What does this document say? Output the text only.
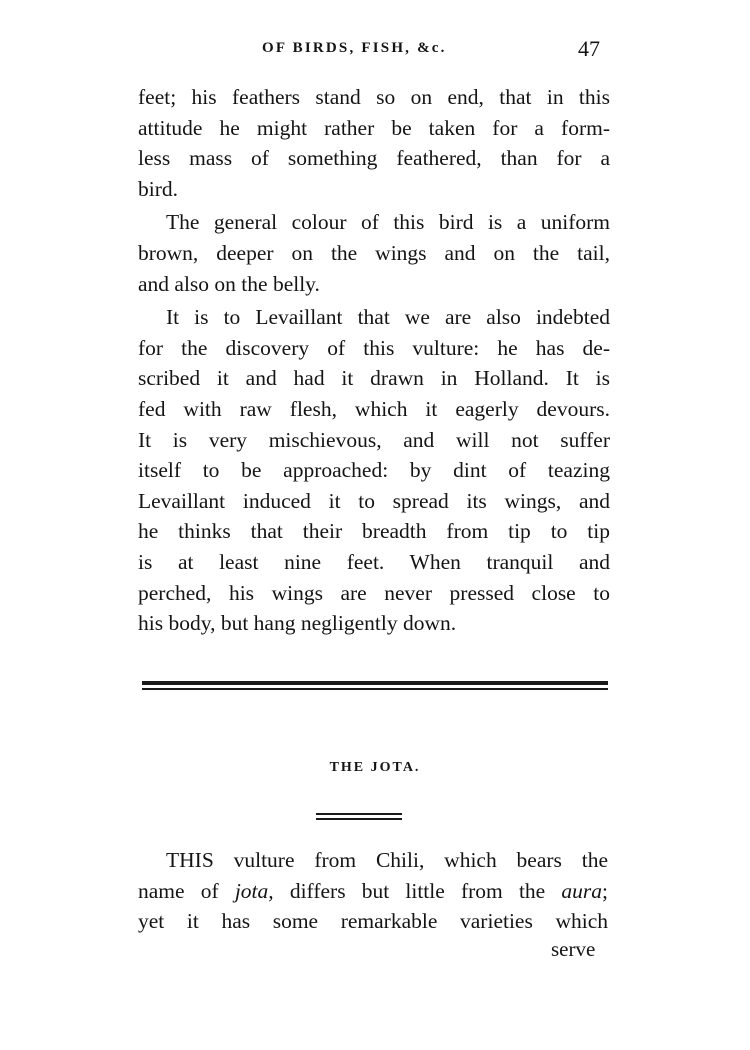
OF BIRDS, FISH, &c.	47

feet; his feathers stand so on end, that in this
attitude he might rather be taken for a form-
less mass of something feathered, than for a
bird.

The general colour of this bird is a uniform
brown, deeper on the wings and on the tail,
and also on the belly.

It is to Levaillant that we are also indebted
for the discovery of this vulture: he has de-
scribed it and had it drawn in Holland. It is
fed with raw flesh, which it eagerly devours.
It is very mischievous, and will not suffer
itself to be approached: by dint of teazing
Levaillant induced it to spread its wings, and
he thinks that their breadth from tip to tip
is at least nine feet. When tranquil and
perched, his wings are never pressed close to
his body, but hang negligently down.

THE JOTA.
THIS vulture from Chili, which bears the
name of jota, differs but little from the aura;
yet it has some remarkable varieties which
serve
